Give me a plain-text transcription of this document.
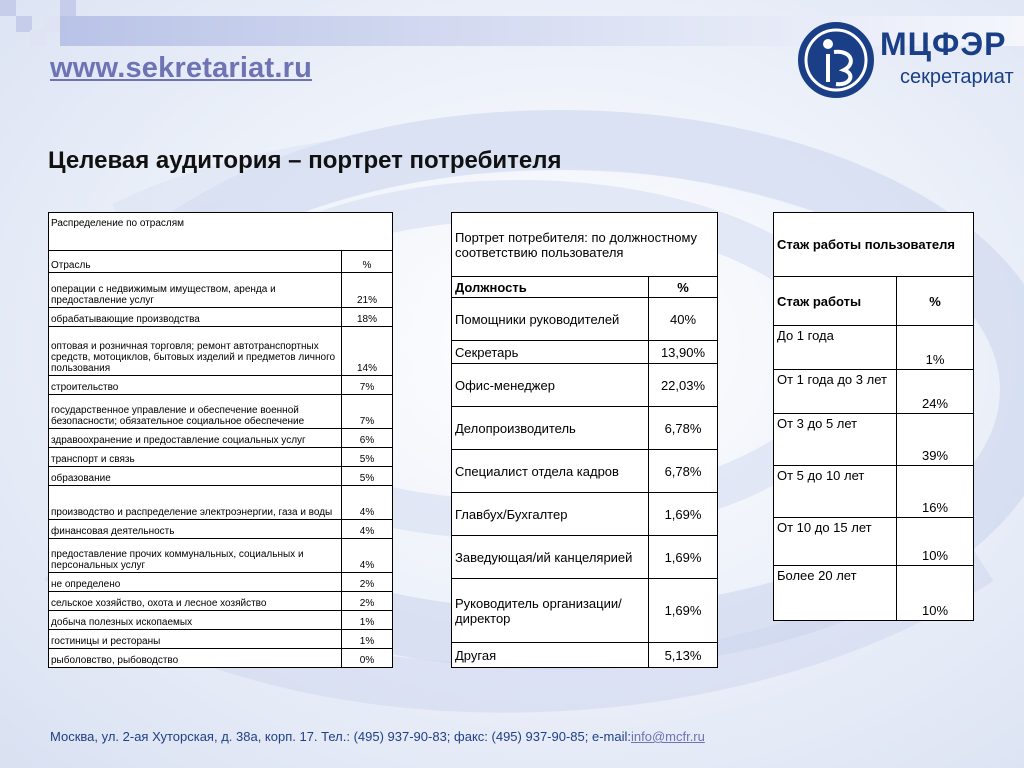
www.sekretariat.ru
МЦФЭР
секретариат
Целевая аудитория – портрет потребителя
Распределение по отраслям	
Отрасль	%
операции с недвижимым имуществом, аренда и предоставление услуг	21%
обрабатывающие производства	18%
оптовая и розничная торговля; ремонт автотранспортных средств, мотоциклов, бытовых изделий и предметов личного пользования	14%
строительство	7%
государственное управление и обеспечение военной безопасности; обязательное социальное обеспечение	7%
здравоохранение и предоставление социальных услуг	6%
транспорт и связь	5%
образование	5%
производство и распределение электроэнергии, газа и воды	4%
финансовая деятельность	4%
предоставление прочих коммунальных, социальных и персональных услуг	4%
не определено	2%
сельское хозяйство, охота и лесное хозяйство	2%
добыча полезных ископаемых	1%
гостиницы и рестораны	1%
рыболовство, рыбоводство	0%
Портрет потребителя: по должностному соответствию пользователя	
Должность	%
Помощники руководителей	40%
Секретарь	13,90%
Офис-менеджер	22,03%
Делопроизводитель	6,78%
Специалист отдела кадров	6,78%
Главбух/Бухгалтер	1,69%
Заведующая/ий канцелярией	1,69%
Руководитель организации/директор	1,69%
Другая	5,13%
Стаж работы пользователя	
Стаж работы	%
До 1 года	1%
От 1 года до 3 лет	24%
От 3 до 5 лет	39%
От 5 до 10 лет	16%
От 10 до 15 лет	10%
Более 20 лет	10%
Москва, ул. 2-ая Хуторская, д. 38а, корп. 17. Тел.: (495) 937-90-83; факс: (495) 937-90-85; e-mail:info@mcfr.ru
